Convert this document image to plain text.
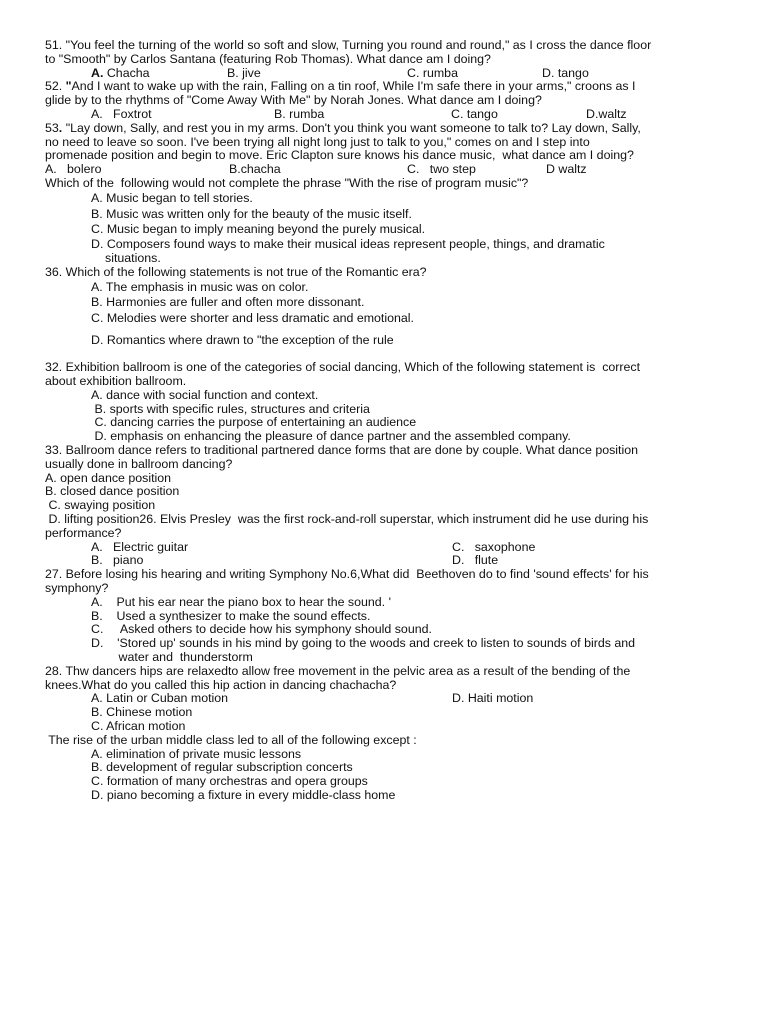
51. "You feel the turning of the world so soft and slow, Turning you round and round," as I cross the dance floor
to "Smooth" by Carlos Santana (featuring Rob Thomas). What dance am I doing?

A. Chacha

	B. jive

	C. rumba

	D. tango

52. "And I want to wake up with the rain, Falling on a tin roof, While I'm safe there in your arms," croons as I
glide by to the rhythms of "Come Away With Me" by Norah Jones. What dance am I doing?

A.   Foxtrot

	B. rumba

	C. tango

	D.waltz

53. "Lay down, Sally, and rest you in my arms. Don't you think you want someone to talk to? Lay down, Sally,
no need to leave so soon. I've been trying all night long just to talk to you," comes on and I step into
promenade position and begin to move. Eric Clapton sure knows his dance music,  what dance am I doing?

A.   bolero

	B.chacha

	C.   two step

	D waltz

Which of the  following would not complete the phrase "With the rise of program music"?
A. Music began to tell stories.
B. Music was written only for the beauty of the music itself.
C. Music began to imply meaning beyond the purely musical.
D. Composers found ways to make their musical ideas represent people, things, and dramatic
situations.
36. Which of the following statements is not true of the Romantic era?
A. The emphasis in music was on color.
B. Harmonies are fuller and often more dissonant.
C. Melodies were shorter and less dramatic and emotional.
D. Romantics where drawn to "the exception of the rule
32. Exhibition ballroom is one of the categories of social dancing, Which of the following statement is  correct
about exhibition ballroom.
A. dance with social function and context.
B. sports with specific rules, structures and criteria
C. dancing carries the purpose of entertaining an audience
D. emphasis on enhancing the pleasure of dance partner and the assembled company.
33. Ballroom dance refers to traditional partnered dance forms that are done by couple. What dance position
usually done in ballroom dancing?
A. open dance position
B. closed dance position
C. swaying position
D. lifting position26. Elvis Presley  was the first rock-and-roll superstar, which instrument did he use during his
performance?

A.   Electric guitar

	C.   saxophone

B.   piano

	D.   flute

27. Before losing his hearing and writing Symphony No.6,What did  Beethoven do to find 'sound effects' for his
symphony?
A.    Put his ear near the piano box to hear the sound. '
B.    Used a synthesizer to make the sound effects.
C.     Asked others to decide how his symphony should sound.
D.    'Stored up' sounds in his mind by going to the woods and creek to listen to sounds of birds and
water and  thunderstorm
28. Thw dancers hips are relaxedto allow free movement in the pelvic area as a result of the bending of the
knees.What do you called this hip action in dancing chachacha?

A. Latin or Cuban motion

	D. Haiti motion

B. Chinese motion
C. African motion
The rise of the urban middle class led to all of the following except :
A. elimination of private music lessons
B. development of regular subscription concerts
C. formation of many orchestras and opera groups
D. piano becoming a fixture in every middle-class home
